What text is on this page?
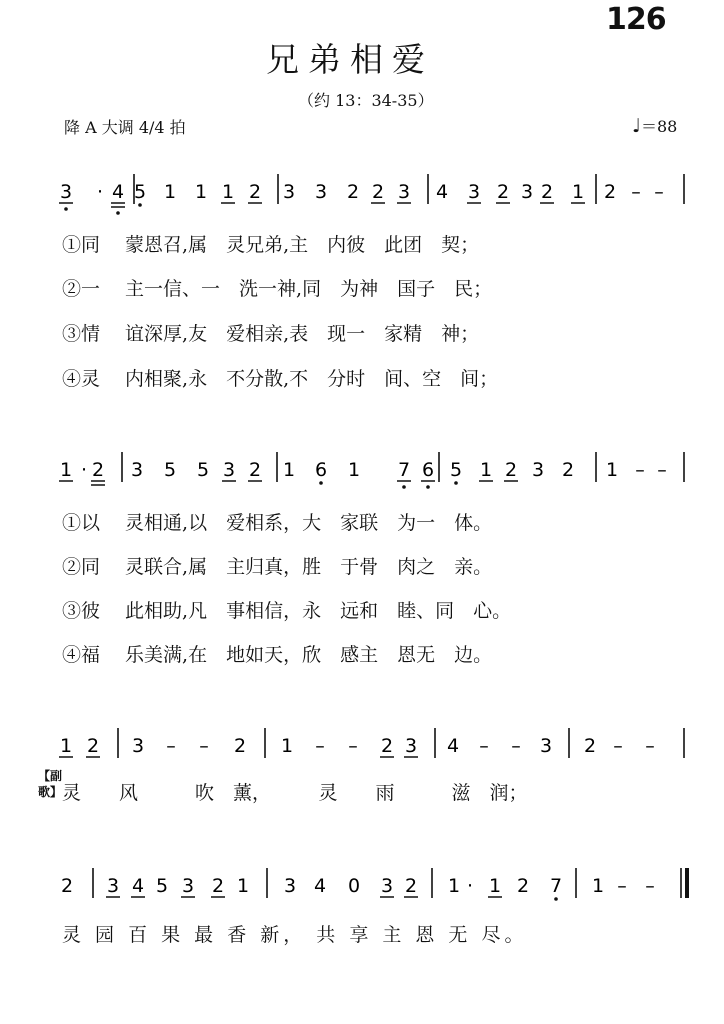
126
兄弟相爱
（约 13：34-35）
降 A 大调 4/4 拍	♩＝88
3 · 4 5 1 1 1 2 3 3 2 2 3 4 3 2 3 2 1 2 – –
①同　 蒙恩召,属　灵兄弟,主　内彼　此团　契；
②一　 主一信、一　洗一神,同　为神　国子　民；
③情　 谊深厚,友　爱相亲,表　现一　家精　神；
④灵　 内相聚,永　不分散,不　分时　间、空　间；
1 · 2 3 5 5 3 2 1 6 1 7 6 5 1 2 3 2 1 – –
①以　 灵相通,以　爱相系，大　家联　为一　体。
②同　 灵联合,属　主归真，胜　于骨　肉之　亲。
③彼　 此相助,凡　事相信，永　远和　睦、同　心。
④福　 乐美满,在　地如天，欣　感主　恩无　边。
1 2 3 – – 2 1 – – 2 3 4 – – 3 2 – –
【副歌】 灵　　风　　　吹　薰，　　　灵　　雨　　　滋　润；
2 3 4 5 3 2 1 3 4 0 3 2 1 · 1 2 7 1 – –
灵 园 百 果 最 香 新， 共 享 主 恩 无 尽。
